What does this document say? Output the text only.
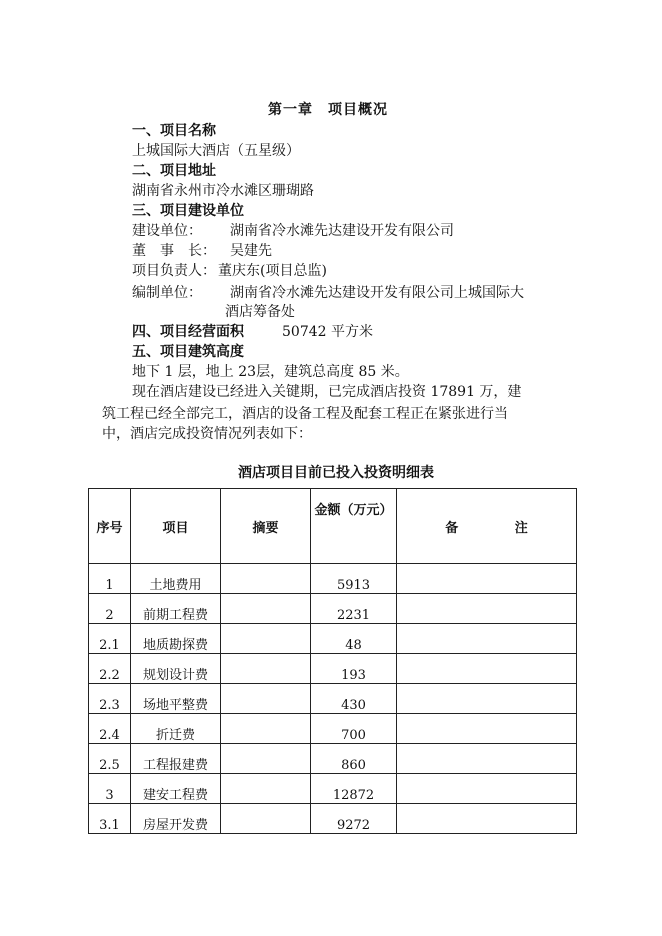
第一章　项目概况
一、项目名称
上城国际大酒店（五星级）
二、项目地址
湖南省永州市冷水滩区珊瑚路
三、项目建设单位
建设单位： 湖南省冷水滩先达建设开发有限公司
董　事　长： 吴建先
项目负责人： 董庆东(项目总监)
编制单位： 湖南省冷水滩先达建设开发有限公司上城国际大
酒店筹备处
四、项目经营面积	50742 平方米
五、项目建筑高度
地下 1 层，地上 23层，建筑总高度 85 米。
现在酒店建设已经进入关键期，已完成酒店投资 17891 万，建
筑工程已经全部完工，酒店的设备工程及配套工程正在紧张进行当
中，酒店完成投资情况列表如下：
酒店项目目前已投入投资明细表
序号	项目	摘要	金额（万元）	备 注

1	土地费用		5913	
2	前期工程费		2231	
2.1	地质勘探费		48	
2.2	规划设计费		193	
2.3	场地平整费		430	
2.4	折迁费		700	
2.5	工程报建费		860	
3	建安工程费		12872	
3.1	房屋开发费		9272	
